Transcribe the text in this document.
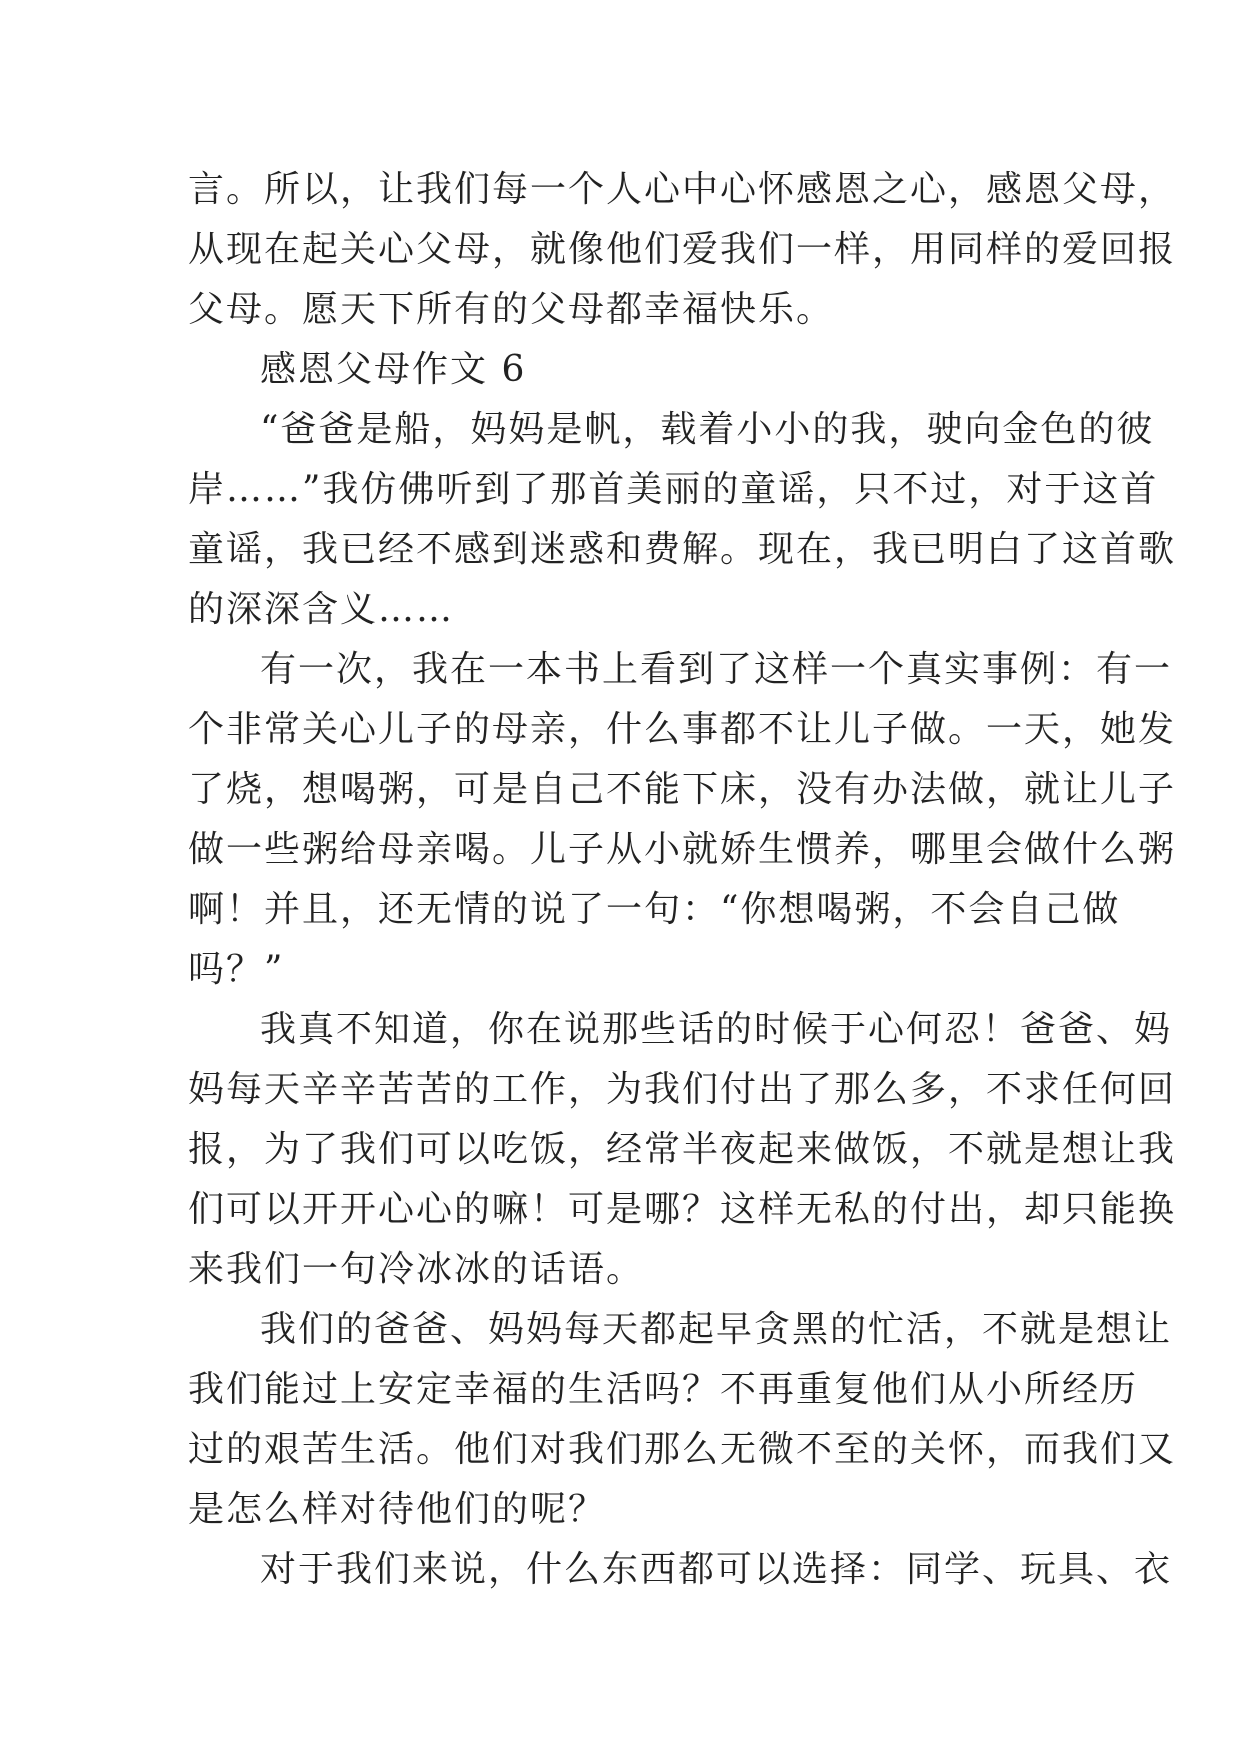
言。所以，让我们每一个人心中心怀感恩之心，感恩父母，
从现在起关心父母，就像他们爱我们一样，用同样的爱回报
父母。愿天下所有的父母都幸福快乐。
感恩父母作文 6
“爸爸是船，妈妈是帆，载着小小的我，驶向金色的彼
岸……”我仿佛听到了那首美丽的童谣，只不过，对于这首
童谣，我已经不感到迷惑和费解。现在，我已明白了这首歌
的深深含义……
有一次，我在一本书上看到了这样一个真实事例：有一
个非常关心儿子的母亲，什么事都不让儿子做。一天，她发
了烧，想喝粥，可是自己不能下床，没有办法做，就让儿子
做一些粥给母亲喝。儿子从小就娇生惯养，哪里会做什么粥
啊！并且，还无情的说了一句：“你想喝粥，不会自己做
吗？”
我真不知道，你在说那些话的时候于心何忍！爸爸、妈
妈每天辛辛苦苦的工作，为我们付出了那么多，不求任何回
报，为了我们可以吃饭，经常半夜起来做饭，不就是想让我
们可以开开心心的嘛！可是哪？这样无私的付出，却只能换
来我们一句冷冰冰的话语。
我们的爸爸、妈妈每天都起早贪黑的忙活，不就是想让
我们能过上安定幸福的生活吗？不再重复他们从小所经历
过的艰苦生活。他们对我们那么无微不至的关怀，而我们又
是怎么样对待他们的呢？
对于我们来说，什么东西都可以选择：同学、玩具、衣
